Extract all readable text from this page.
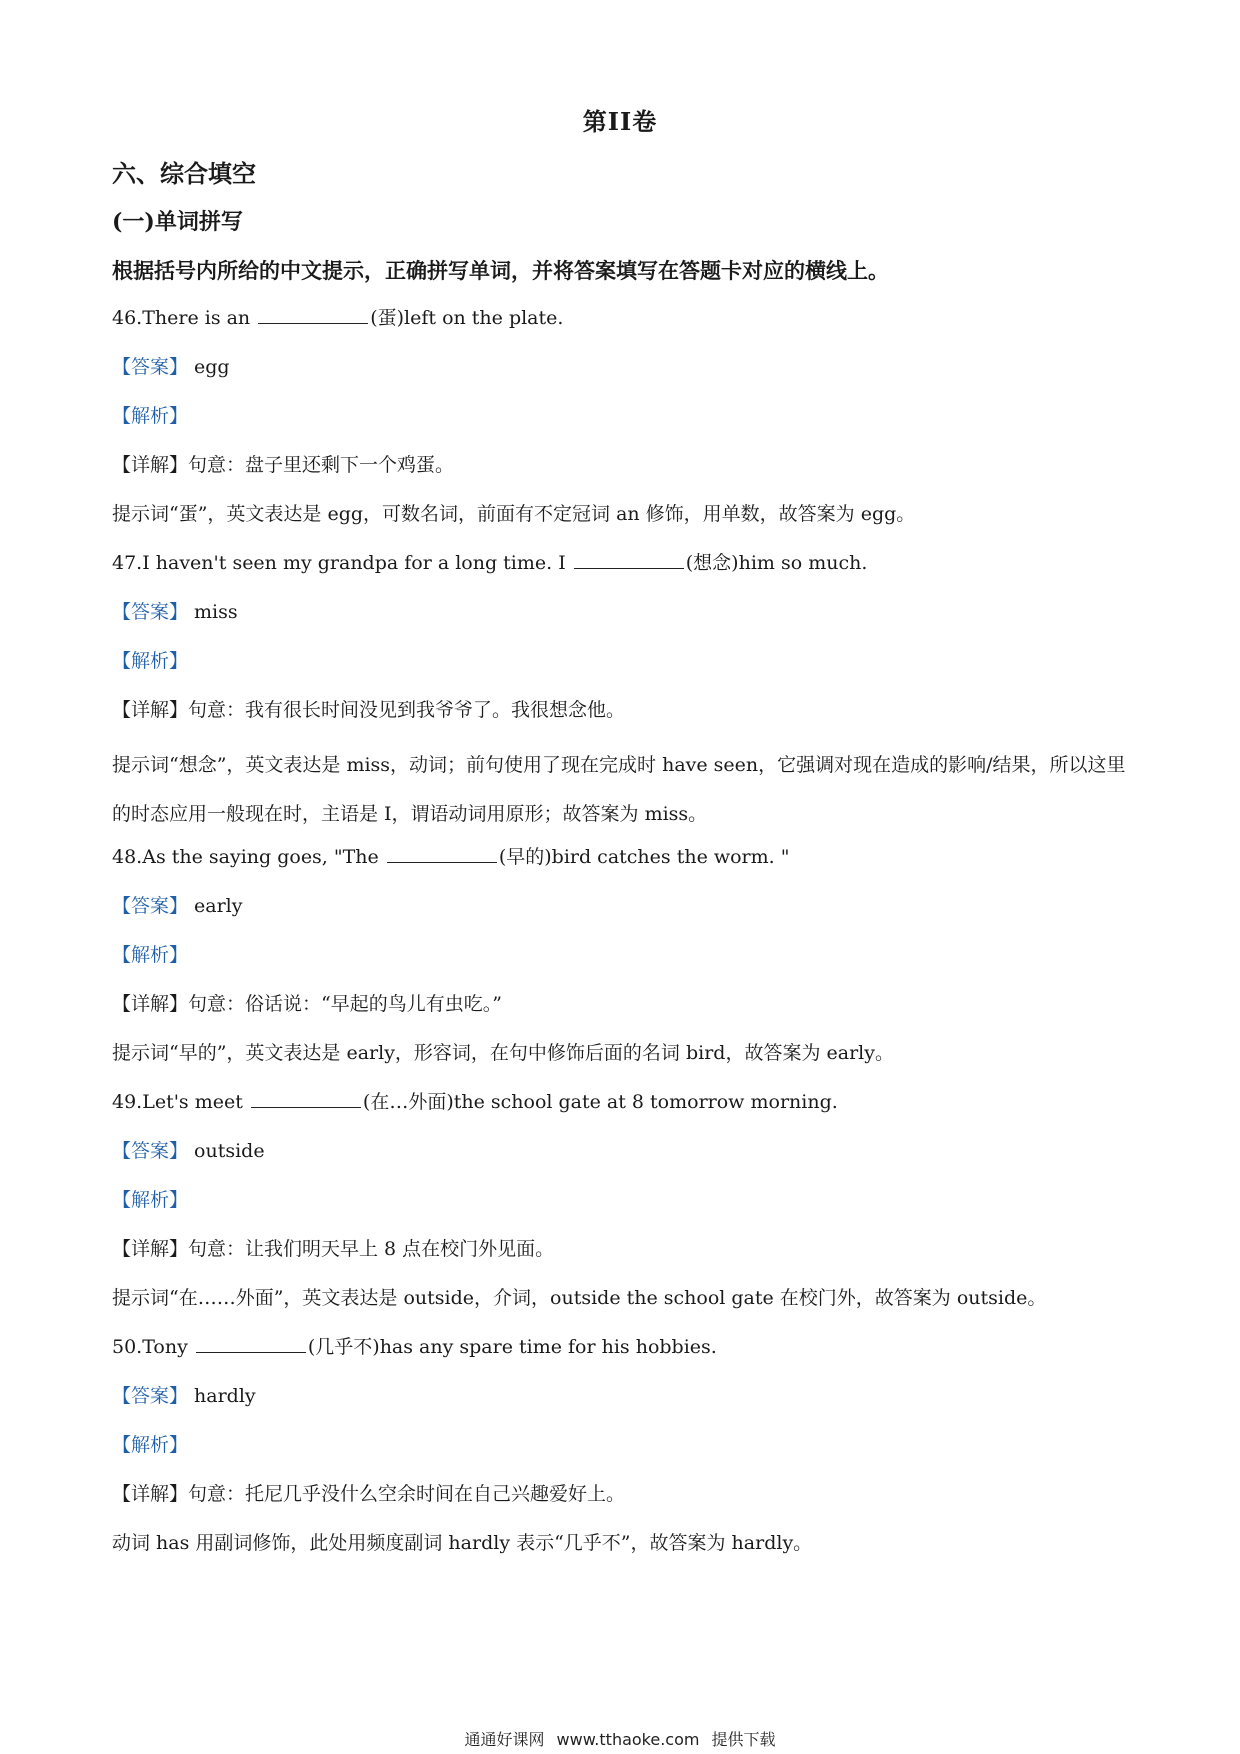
第II卷
六、综合填空
(一)单词拼写
根据括号内所给的中文提示，正确拼写单词，并将答案填写在答题卡对应的横线上。
46.There is an	(蛋)left on the plate.
【答案】 egg
【解析】
【详解】句意：盘子里还剩下一个鸡蛋。
提示词“蛋”，英文表达是 egg，可数名词，前面有不定冠词 an 修饰，用单数，故答案为 egg。
47.I haven't seen my grandpa for a long time. I	(想念)him so much.
【答案】 miss
【解析】
【详解】句意：我有很长时间没见到我爷爷了。我很想念他。
提示词“想念”，英文表达是 miss，动词；前句使用了现在完成时 have seen，它强调对现在造成的影响/结果，所以这里的时态应用一般现在时，主语是 I，谓语动词用原形；故答案为 miss。
48.As the saying goes, "The	(早的)bird catches the worm. "
【答案】 early
【解析】
【详解】句意：俗话说：“早起的鸟儿有虫吃。”
提示词“早的”，英文表达是 early，形容词，在句中修饰后面的名词 bird，故答案为 early。
49.Let's meet	(在…外面)the school gate at 8 tomorrow morning.
【答案】 outside
【解析】
【详解】句意：让我们明天早上 8 点在校门外见面。
提示词“在……外面”，英文表达是 outside，介词，outside the school gate 在校门外，故答案为 outside。
50.Tony	(几乎不)has any spare time for his hobbies.
【答案】 hardly
【解析】
【详解】句意：托尼几乎没什么空余时间在自己兴趣爱好上。
动词 has 用副词修饰，此处用频度副词 hardly 表示“几乎不”，故答案为 hardly。
通通好课网 www.tthaoke.com 提供下载
